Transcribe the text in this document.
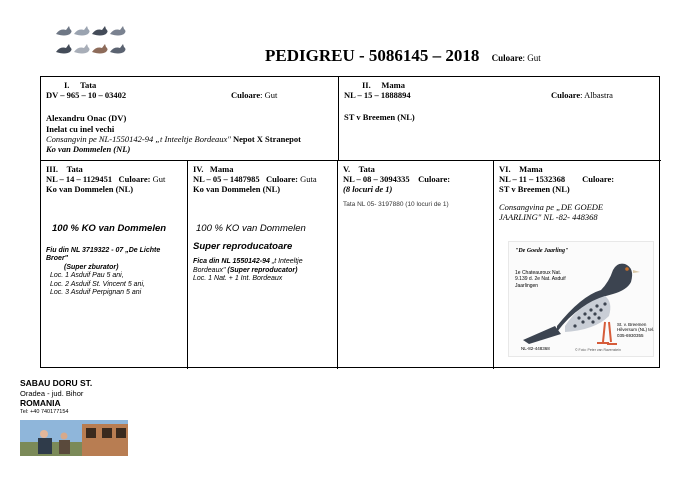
PEDIGREU - 5086145 – 2018 Culoare: Gut
I. Tata
DV – 965 – 10 – 03402	Culoare: Gut
Alexandru Onac (DV)
Inelat cu inel vechi
Consangvin pe NL-1550142-94 „t Inteeltje Bordeaux" Nepot X Stranepot
Ko van Dommelen (NL)
II. Mama
NL – 15 – 1888894	Culoare: Albastra
ST v Breemen (NL)
III. Tata
NL – 14 – 1129451 Culoare: Gut
Ko van Dommelen (NL)
100 % KO van Dommelen
Fiu din NL 3719322 - 07 „De Lichte Broer"
(Super zburator)
Loc. 1 Asduif Pau 5 ani,
Loc. 2 Asduif St. Vincent 5 ani,
Loc. 3 Asduif Perpignan 5 ani
IV. Mama
NL – 05 – 1487985 Culoare: Guta
Ko van Dommelen (NL)
100 % KO van Dommelen
Super reproducatoare
Fica din NL 1550142-94 „t Inteeltje Bordeaux" (Super reproducator)
Loc. 1 Nat. + 1 Int. Bordeaux
V. Tata
NL – 08 – 3094335 Culoare:
(8 locuri de 1)
Tata NL 05- 3197880 (10 locuri de 1)
VI. Mama
NL – 11 – 1532368 Culoare:
ST v Breemen (NL)
Consangvina pe „DE GOEDE JAARLING" NL -82- 448368
"De Goede Jaarling"
1e Chateauroux Nat. 9.139 d. 2e Nat. Asduif Jaarlingen
St. v. Breemen Hilversum (NL) tel. 035-6930355
NL-82-448368	© Foto: Peter van Ravenstein
SABAU DORU ST.
Oradea - jud. Bihor
ROMANIA
Tel: +40 740177154
